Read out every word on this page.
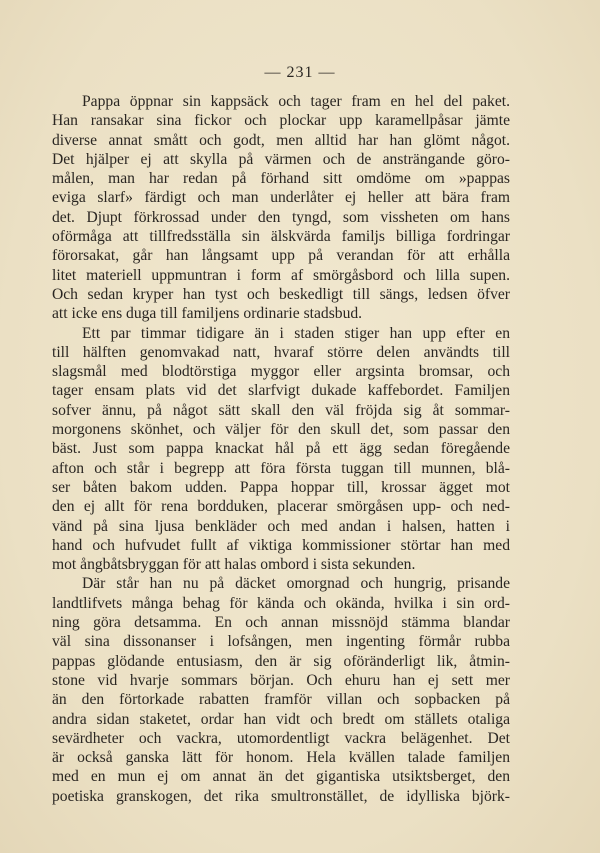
— 231 —
Pappa öppnar sin kappsäck och tager fram en hel del paket.
Han ransakar sina fickor och plockar upp karamellpåsar jämte
diverse annat smått och godt, men alltid har han glömt något.
Det hjälper ej att skylla på värmen och de ansträngande göro-
målen, man har redan på förhand sitt omdöme om »pappas
eviga slarf» färdigt och man underlåter ej heller att bära fram
det. Djupt förkrossad under den tyngd, som vissheten om hans
oförmåga att tillfredsställa sin älskvärda familjs billiga fordringar
förorsakat, går han långsamt upp på verandan för att erhålla
litet materiell uppmuntran i form af smörgåsbord och lilla supen.
Och sedan kryper han tyst och beskedligt till sängs, ledsen öfver
att icke ens duga till familjens ordinarie stadsbud.
Ett par timmar tidigare än i staden stiger han upp efter en
till hälften genomvakad natt, hvaraf större delen användts till
slagsmål med blodtörstiga myggor eller argsinta bromsar, och
tager ensam plats vid det slarfvigt dukade kaffebordet. Familjen
sofver ännu, på något sätt skall den väl fröjda sig åt sommar-
morgonens skönhet, och väljer för den skull det, som passar den
bäst. Just som pappa knackat hål på ett ägg sedan föregående
afton och står i begrepp att föra första tuggan till munnen, blå-
ser båten bakom udden. Pappa hoppar till, krossar ägget mot
den ej allt för rena bordduken, placerar smörgåsen upp- och ned-
vänd på sina ljusa benkläder och med andan i halsen, hatten i
hand och hufvudet fullt af viktiga kommissioner störtar han med
mot ångbåtsbryggan för att halas ombord i sista sekunden.
Där står han nu på däcket omorgnad och hungrig, prisande
landtlifvets många behag för kända och okända, hvilka i sin ord-
ning göra detsamma. En och annan missnöjd stämma blandar
väl sina dissonanser i lofsången, men ingenting förmår rubba
pappas glödande entusiasm, den är sig oföränderligt lik, åtmin-
stone vid hvarje sommars början. Och ehuru han ej sett mer
än den förtorkade rabatten framför villan och sopbacken på
andra sidan staketet, ordar han vidt och bredt om ställets otaliga
sevärdheter och vackra, utomordentligt vackra belägenhet. Det
är också ganska lätt för honom. Hela kvällen talade familjen
med en mun ej om annat än det gigantiska utsiktsberget, den
poetiska granskogen, det rika smultronstället, de idylliska björk-
